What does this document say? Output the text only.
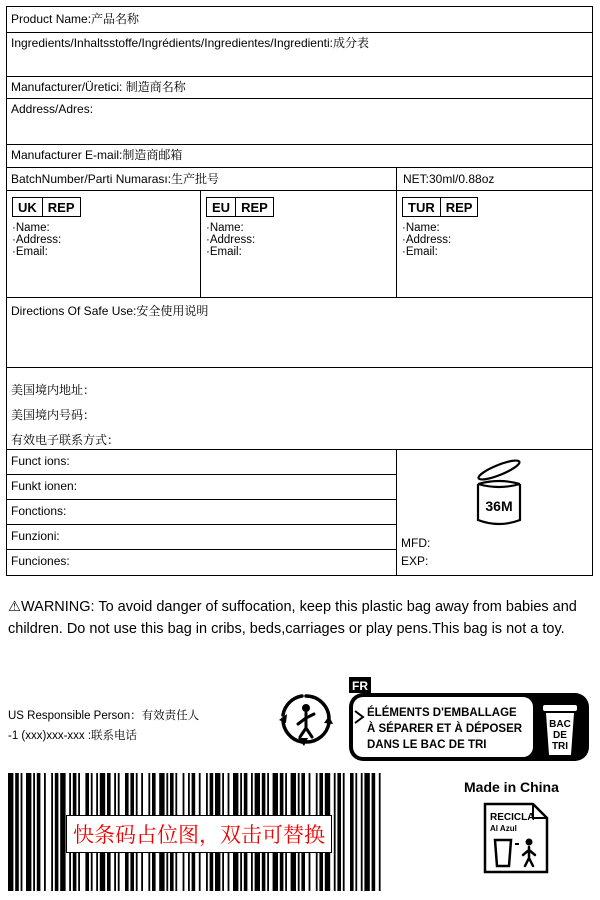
Product Name:产品名称
Ingredients/Inhaltsstoffe/Ingrédients/Ingredientes/Ingredienti:成分表
Manufacturer/Üretici: 制造商名称
Address/Adres:
Manufacturer E-mail:制造商邮箱
BatchNumber/Parti Numarası:生产批号	NET:30ml/0.88oz
UK REP
·Name:
·Address:
·Email:
EU REP
·Name:
·Address:
·Email:
TUR REP
·Name:
·Address:
·Email:
Directions Of Safe Use:安全使用说明
美国境内地址：
美国境内号码：
有效电子联系方式：
Funct ions:
Funkt ionen:
Fonctions:
Funzioni:
Funciones:
36M
MFD:
EXP:
⚠WARNING: To avoid danger of suffocation, keep this plastic bag away from babies and children. Do not use this bag in cribs, beds,carriages or play pens.This bag is not a toy.
US Responsible Person：有效责任人
-1 (xxx)xxx-xxx :联系电话
FR
ÉLÉMENTS D'EMBALLAGE
À SÉPARER ET À DÉPOSER
DANS LE BAC DE TRI
BAC
DE
TRI
快条码占位图，双击可替换
Made in China
RECICLA
Al Azul
